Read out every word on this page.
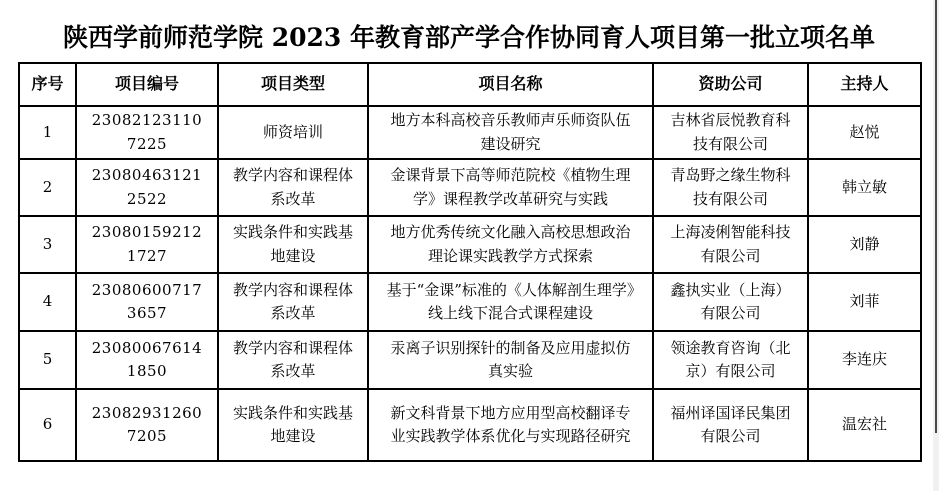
陕西学前师范学院 2023 年教育部产学合作协同育人项目第一批立项名单
序号	项目编号	项目类型	项目名称	资助公司	主持人
1	230821231107225	师资培训	地方本科高校音乐教师声乐师资队伍建设研究	吉林省辰悦教育科技有限公司	赵悦
2	230804631212522	教学内容和课程体系改革	金课背景下高等师范院校《植物生理学》课程教学改革研究与实践	青岛野之缘生物科技有限公司	韩立敏
3	230801592121727	实践条件和实践基地建设	地方优秀传统文化融入高校思想政治理论课实践教学方式探索	上海凌俐智能科技有限公司	刘静
4	230806007173657	教学内容和课程体系改革	基于“金课”标准的《人体解剖生理学》线上线下混合式课程建设	鑫执实业（上海）有限公司	刘菲
5	230800676141850	教学内容和课程体系改革	汞离子识别探针的制备及应用虚拟仿真实验	领途教育咨询（北京）有限公司	李连庆
6	230829312607205	实践条件和实践基地建设	新文科背景下地方应用型高校翻译专业实践教学体系优化与实现路径研究	福州译国译民集团有限公司	温宏社
